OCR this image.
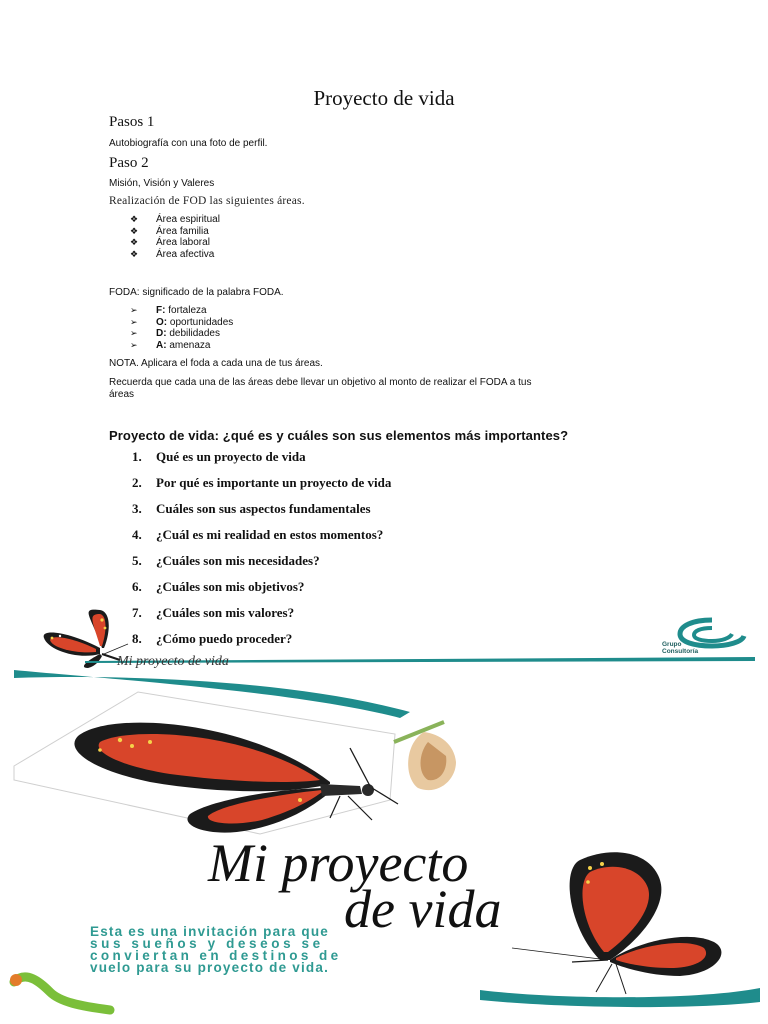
Proyecto de vida
Pasos 1
Autobiografía con una foto de perfil.
Paso 2
Misión, Visión y Valeres
Realización de FOD las siguientes áreas.
❖ Área espiritual
❖ Área familia
❖ Área laboral
❖ Área afectiva
FODA: significado de la palabra FODA.
➢ F: fortaleza
➢ O: oportunidades
➢ D: debilidades
➢ A: amenaza
NOTA. Aplicara el foda a cada una de tus áreas.
Recuerda que cada una de las áreas debe llevar un objetivo al monto de realizar el FODA a tus
áreas
Proyecto de vida: ¿qué es y cuáles son sus elementos más importantes?
1. Qué es un proyecto de vida
2. Por qué es importante un proyecto de vida
3. Cuáles son sus aspectos fundamentales
4. ¿Cuál es mi realidad en estos momentos?
5. ¿Cuáles son mis necesidades?
6. ¿Cuáles son mis objetivos?
7. ¿Cuáles son mis valores?
8. ¿Cómo puedo proceder?
Mi proyecto de vida
Grupo
Consultoría
Mi proyecto
de vida
Esta es una invitación para que
sus sueños y deseos se
conviertan en destinos de
vuelo para su proyecto de vida.
